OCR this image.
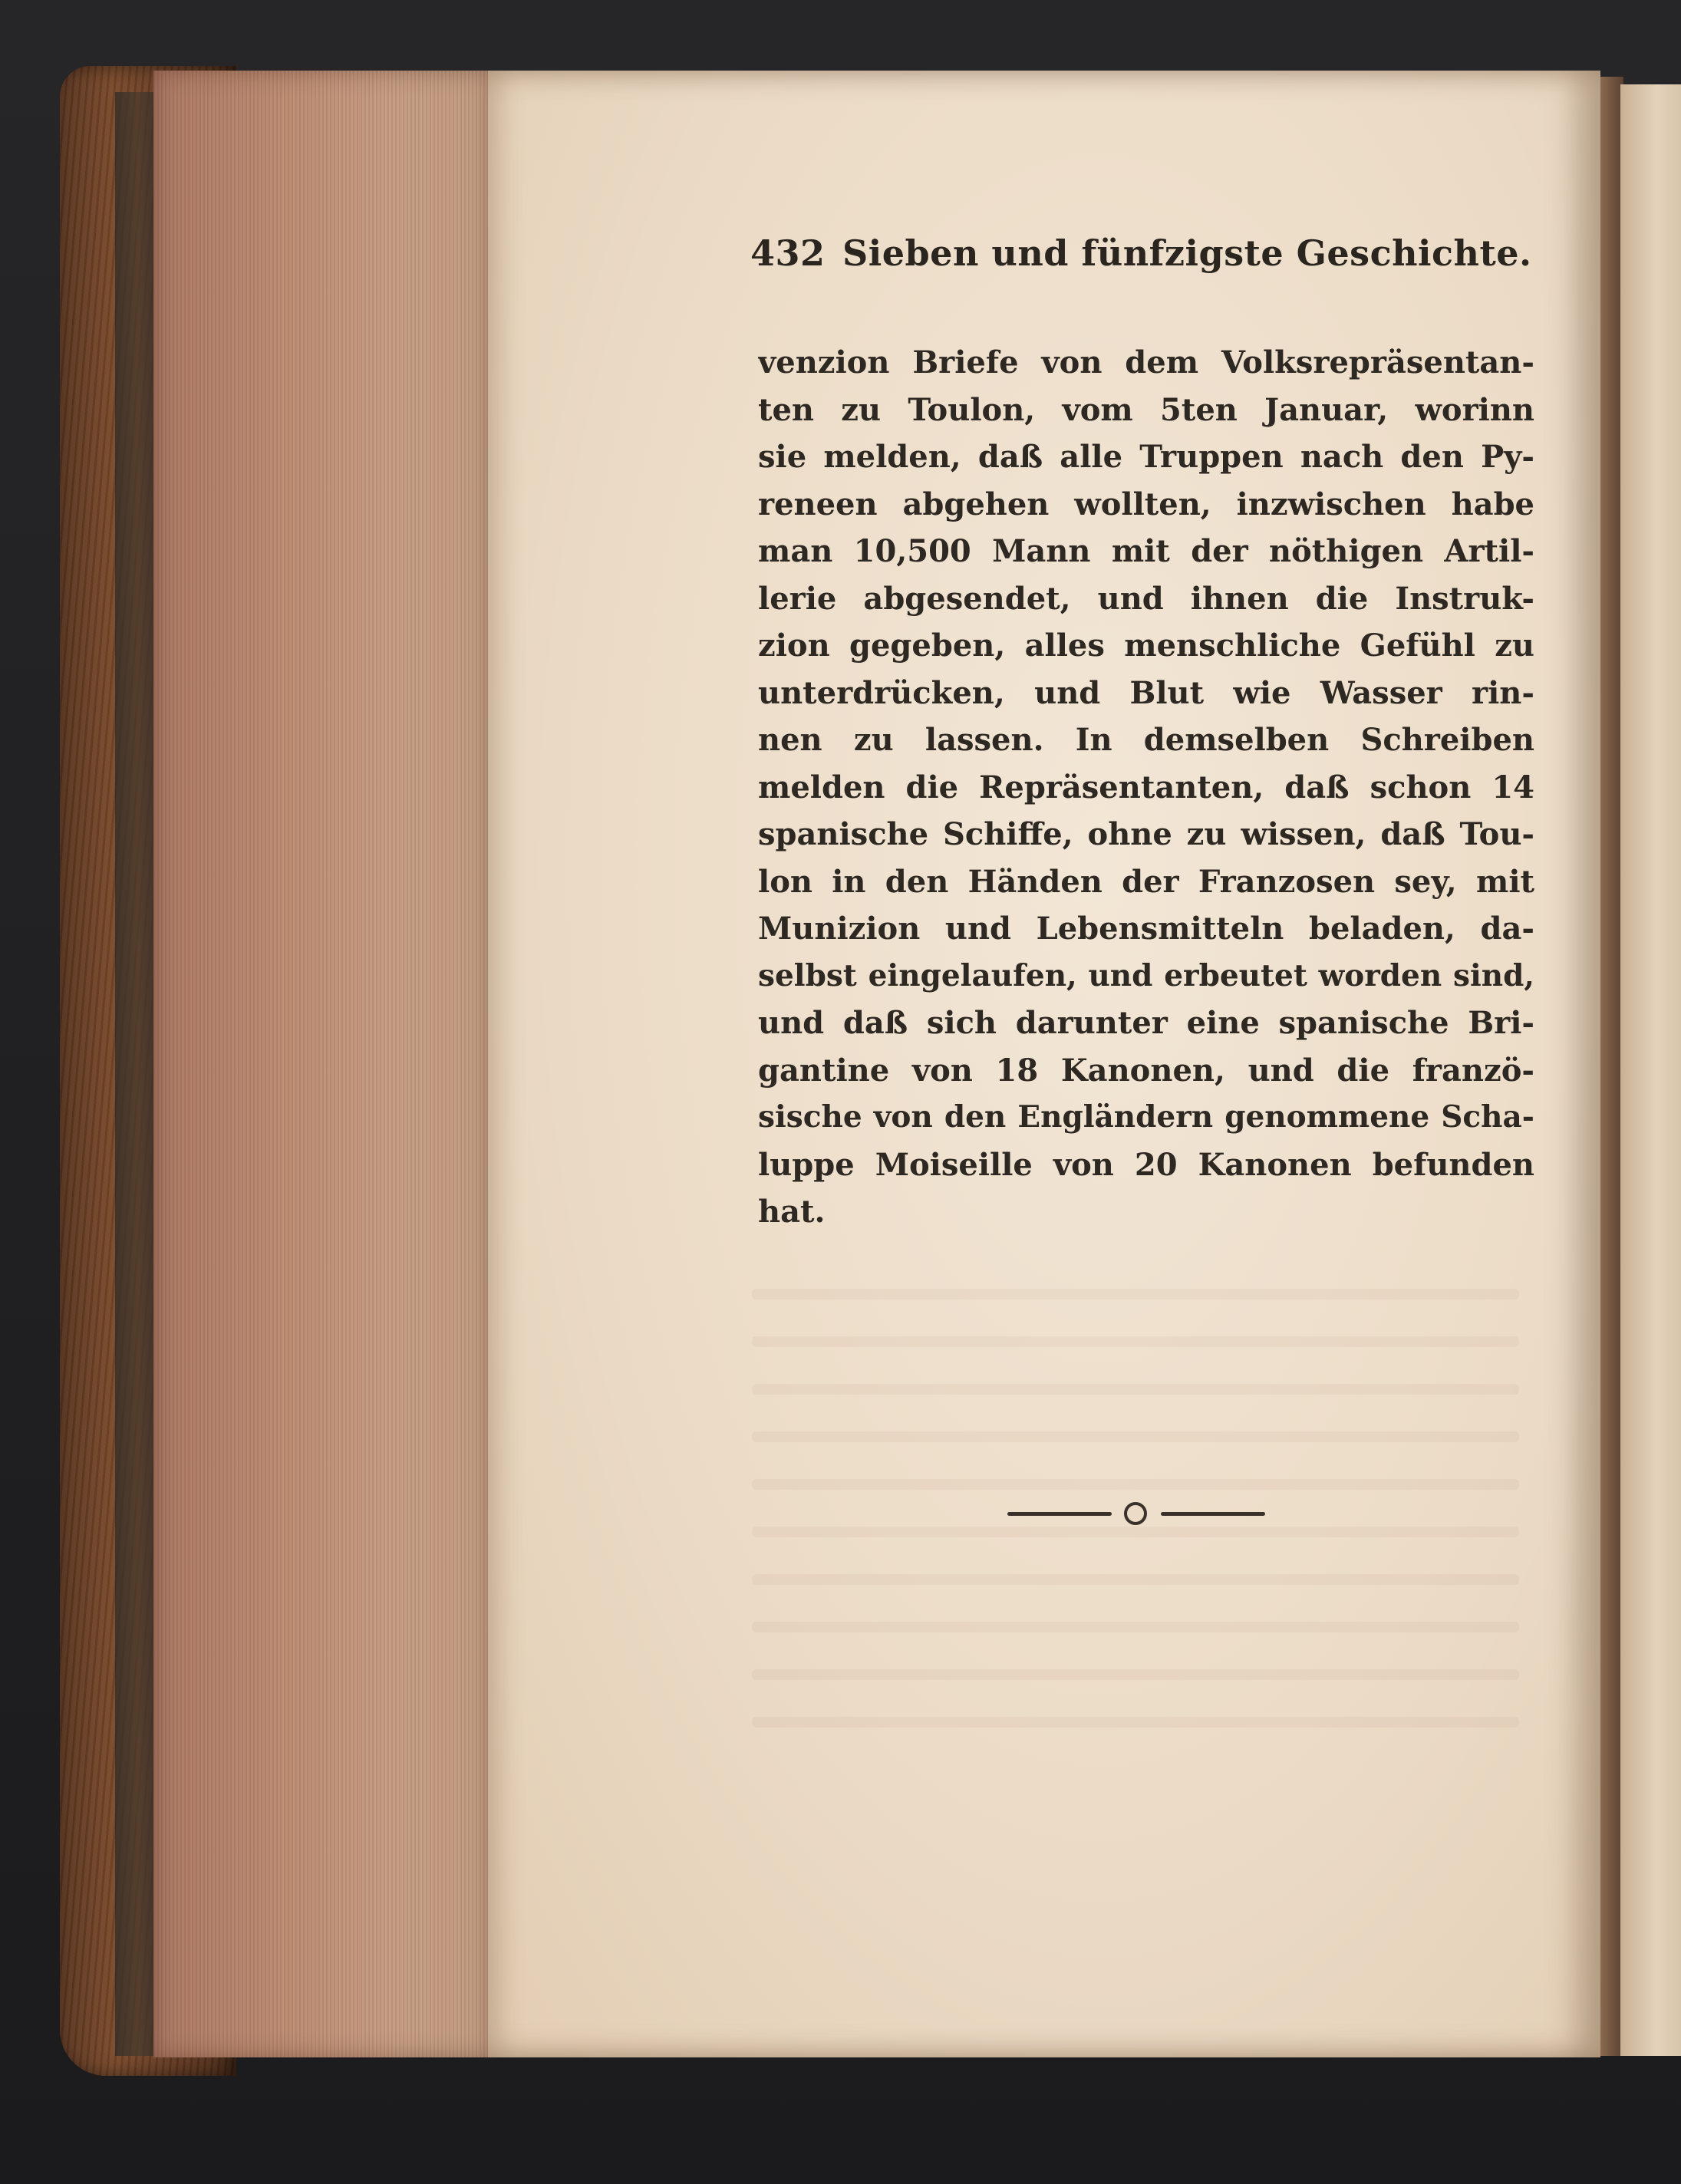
432 Sieben und fünfzigste Geschichte.
venzion Briefe von dem Volksrepräsentan-
ten zu Toulon, vom 5ten Januar, worinn
sie melden, daß alle Truppen nach den Py-
reneen abgehen wollten, inzwischen habe
man 10,500 Mann mit der nöthigen Artil-
lerie abgesendet, und ihnen die Instruk-
zion gegeben, alles menschliche Gefühl zu
unterdrücken, und Blut wie Wasser rin-
nen zu lassen. In demselben Schreiben
melden die Repräsentanten, daß schon 14
spanische Schiffe, ohne zu wissen, daß Tou-
lon in den Händen der Franzosen sey, mit
Munizion und Lebensmitteln beladen, da-
selbst eingelaufen, und erbeutet worden sind,
und daß sich darunter eine spanische Bri-
gantine von 18 Kanonen, und die franzö-
sische von den Engländern genommene Scha-
luppe Moiseille von 20 Kanonen befunden
hat.
